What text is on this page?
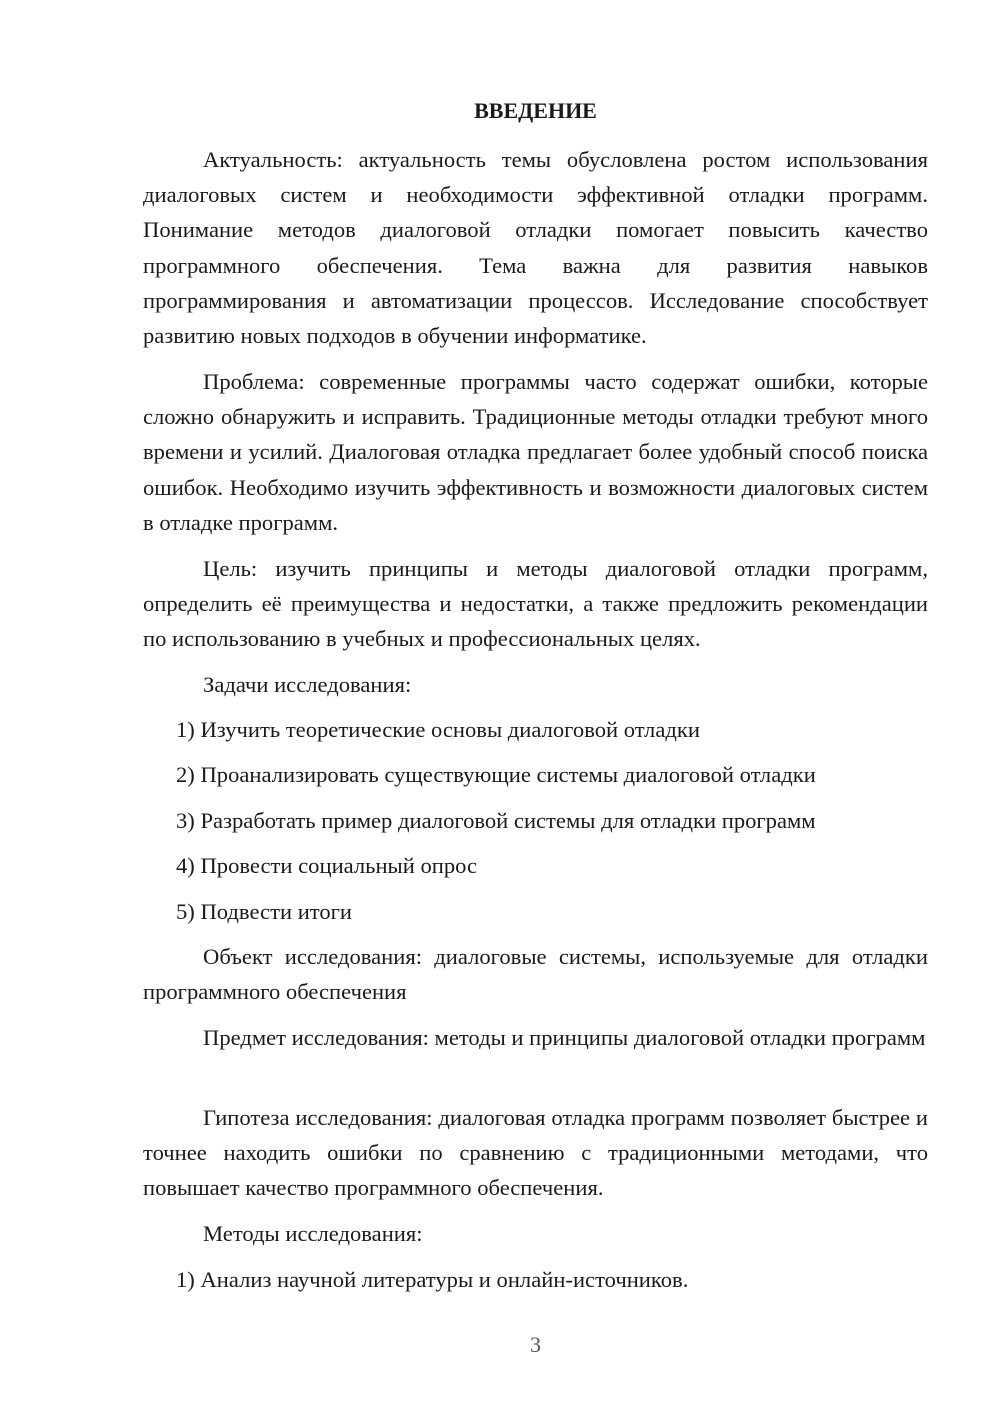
ВВЕДЕНИЕ

Актуальность: актуальность темы обусловлена ростом использования диалоговых систем и необходимости эффективной отладки программ. Понимание методов диалоговой отладки помогает повысить качество программного обеспечения. Тема важна для развития навыков программирования и автоматизации процессов. Исследование способствует развитию новых подходов в обучении информатике.

Проблема: современные программы часто содержат ошибки, которые сложно обнаружить и исправить. Традиционные методы отладки требуют много времени и усилий. Диалоговая отладка предлагает более удобный способ поиска ошибок. Необходимо изучить эффективность и возможности диалоговых систем в отладке программ.

Цель: изучить принципы и методы диалоговой отладки программ, определить её преимущества и недостатки, а также предложить рекомендации по использованию в учебных и профессиональных целях.

Задачи исследования:

1) Изучить теоретические основы диалоговой отладки

2) Проанализировать существующие системы диалоговой отладки

3) Разработать пример диалоговой системы для отладки программ

4) Провести социальный опрос

5) Подвести итоги

Объект исследования: диалоговые системы, используемые для отладки программного обеспечения

Предмет исследования: методы и принципы диалоговой отладки программ

Гипотеза исследования: диалоговая отладка программ позволяет быстрее и точнее находить ошибки по сравнению с традиционными методами, что повышает качество программного обеспечения.

Методы исследования:

1) Анализ научной литературы и онлайн-источников.

3
